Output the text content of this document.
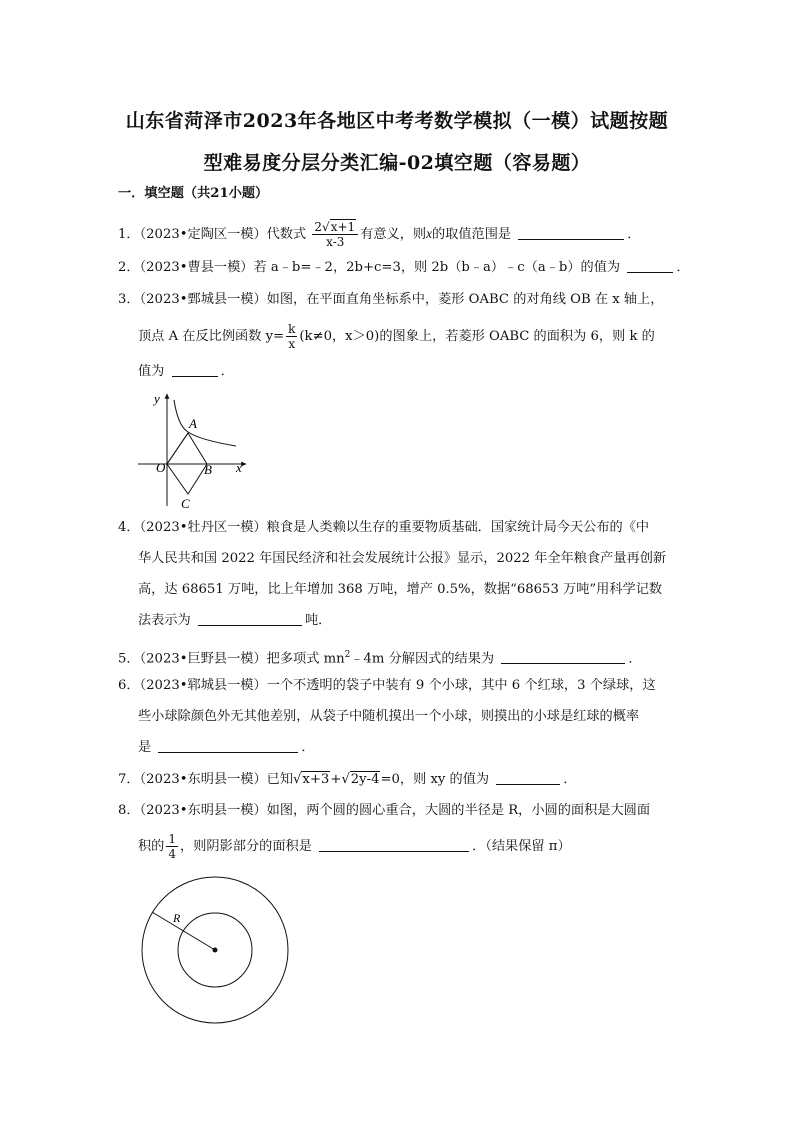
山东省菏泽市2023年各地区中考考数学模拟（一模）试题按题
型难易度分层分类汇编-02填空题（容易题）
一．填空题（共21小题）
1．（2023•定陶区一模）代数式 $\frac{2√x+1}{x-3}$ 有意义，则x的取值范围是	．
2．（2023•曹县一模）若 a﹣b=﹣2，2b+c=3，则 2b（b﹣a）﹣c（a﹣b）的值为	．
3．（2023•鄄城县一模）如图，在平面直角坐标系中，菱形 OABC 的对角线 OB 在 x 轴上，
顶点 A 在反比例函数 $y= \frac{k}{x} (k\ne 0$，x＞0)的图象上，若菱形 OABC 的面积为 6，则 k 的
值为	．
y
x
O
A
B
C
4．（2023•牡丹区一模）粮食是人类赖以生存的重要物质基础．国家统计局今天公布的《中
华人民共和国 2022 年国民经济和社会发展统计公报》显示，2022 年全年粮食产量再创新
高，达 68651 万吨，比上年增加 368 万吨，增产 0.5%，数据“68653 万吨”用科学记数
法表示为	吨．
5．（2023•巨野县一模）把多项式 $mn^2﹣4m$ 分解因式的结果为	．
6．（2023•郓城县一模）一个不透明的袋子中装有 9 个小球，其中 6 个红球，3 个绿球，这
些小球除颜色外无其他差别，从袋子中随机摸出一个小球，则摸出的小球是红球的概率
是	．
7．（2023•东明县一模）已知√x+3+√2y-4=0，则 xy 的值为	．
8．（2023•东明县一模）如图，两个圆的圆心重合，大圆的半径是 R，小圆的面积是大圆面
积的 $\frac{1}{4}$ ，则阴影部分的面积是	．（结果保留 π）
R
